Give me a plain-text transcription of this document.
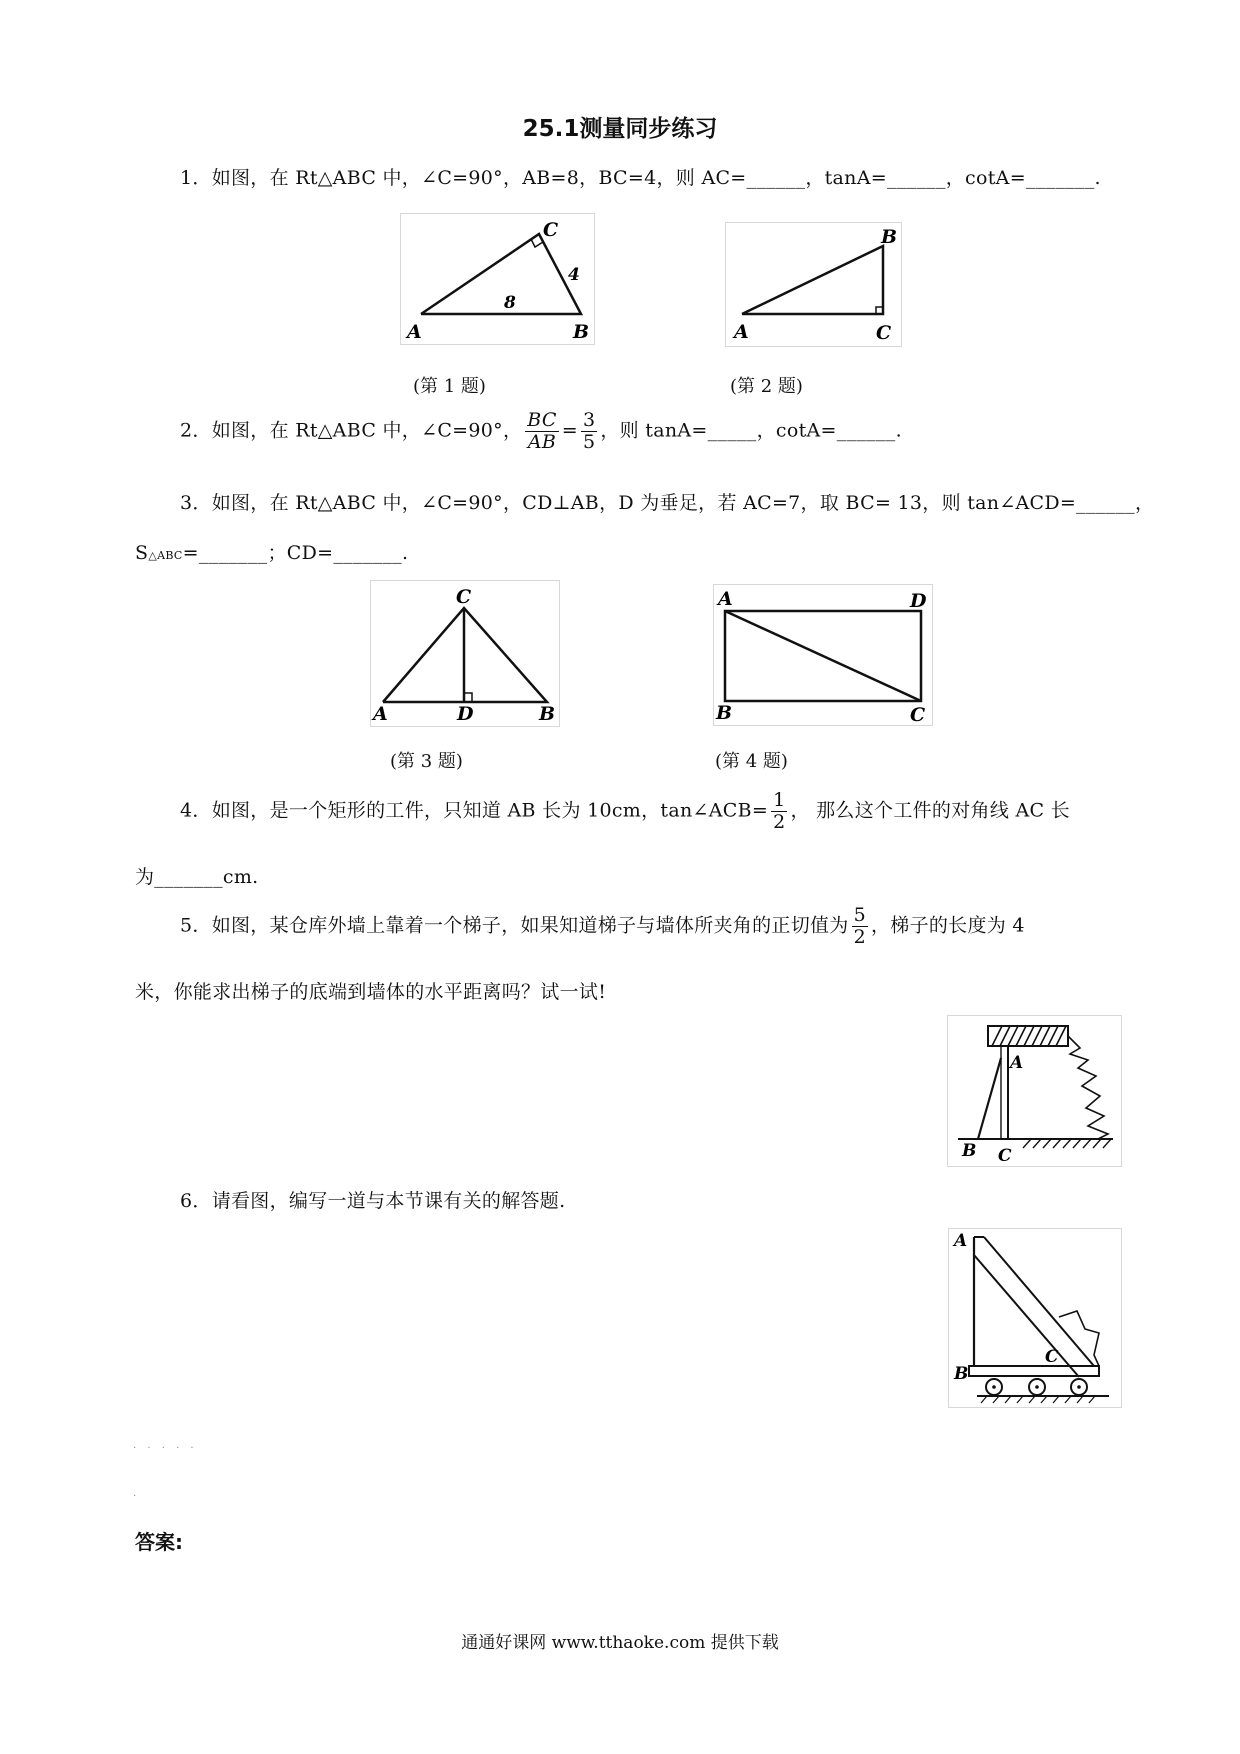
25.1测量同步练习
1．如图，在 Rt△ABC 中，∠C=90°，AB=8，BC=4，则 AC=______，tanA=______，cotA=_______.
A	B
C
8
4
(第 1 题)
A
B
C
(第 2 题)
2．如图，在 Rt△ABC 中，∠C=90°， $\frac{BC}{AB} = \frac{3}{5}$ ，则 tanA=_____，cotA=______.
3．如图，在 Rt△ABC 中，∠C=90°，CD⊥AB，D 为垂足，若 AC=7，取 BC= 13，则 tan∠ACD=______，
S△ABC=_______；CD=_______.
A	B
C
D
(第 3 题)
A	D
B	C
(第 4 题)
4．如图，是一个矩形的工件，只知道 AB 长为 10cm，tan∠ACB= $\frac{1}{2}$ ， 那么这个工件的对角线 AC 长
为_______cm.
5．如图，某仓库外墙上靠着一个梯子，如果知道梯子与墙体所夹角的正切值为 $\frac{5}{2}$ ，梯子的长度为 4
米，你能求出梯子的底端到墙体的水平距离吗？试一试!
A
B C
6．请看图，编写一道与本节课有关的解答题.
A
B
C
. . . . .
.
答案:
通通好课网 www.tthaoke.com 提供下载
